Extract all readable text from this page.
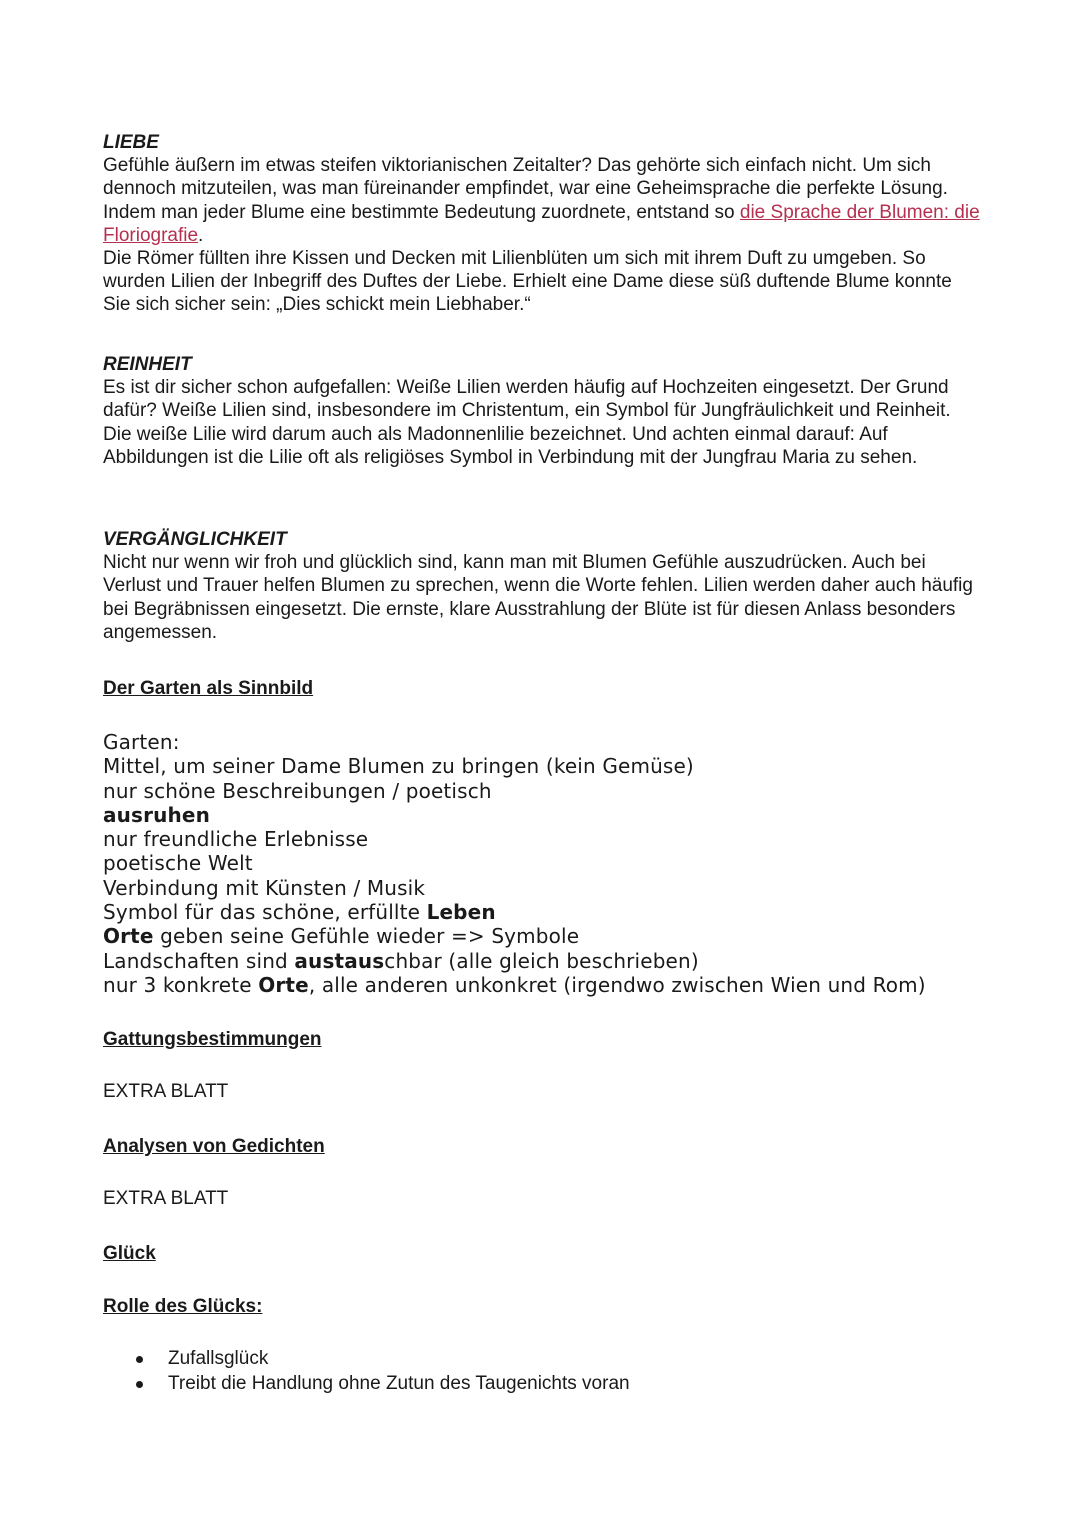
LIEBE
Gefühle äußern im etwas steifen viktorianischen Zeitalter? Das gehörte sich einfach nicht. Um sich dennoch mitzuteilen, was man füreinander empfindet, war eine Geheimsprache die perfekte Lösung. Indem man jeder Blume eine bestimmte Bedeutung zuordnete, entstand so die Sprache der Blumen: die Floriografie.
Die Römer füllten ihre Kissen und Decken mit Lilienblüten um sich mit ihrem Duft zu umgeben. So wurden Lilien der Inbegriff des Duftes der Liebe. Erhielt eine Dame diese süß duftende Blume konnte Sie sich sicher sein: „Dies schickt mein Liebhaber.“
REINHEIT
Es ist dir sicher schon aufgefallen: Weiße Lilien werden häufig auf Hochzeiten eingesetzt. Der Grund dafür? Weiße Lilien sind, insbesondere im Christentum, ein Symbol für Jungfräulichkeit und Reinheit. Die weiße Lilie wird darum auch als Madonnenlilie bezeichnet. Und achten einmal darauf: Auf Abbildungen ist die Lilie oft als religiöses Symbol in Verbindung mit der Jungfrau Maria zu sehen.
VERGÄNGLICHKEIT
Nicht nur wenn wir froh und glücklich sind, kann man mit Blumen Gefühle auszudrücken. Auch bei Verlust und Trauer helfen Blumen zu sprechen, wenn die Worte fehlen. Lilien werden daher auch häufig bei Begräbnissen eingesetzt. Die ernste, klare Ausstrahlung der Blüte ist für diesen Anlass besonders angemessen.
Der Garten als Sinnbild
Garten:
Mittel, um seiner Dame Blumen zu bringen (kein Gemüse)
nur schöne Beschreibungen / poetisch
ausruhen
nur freundliche Erlebnisse
poetische Welt
Verbindung mit Künsten / Musik
Symbol für das schöne, erfüllte Leben
Orte geben seine Gefühle wieder => Symbole
Landschaften sind austauschbar (alle gleich beschrieben)
nur 3 konkrete Orte, alle anderen unkonkret (irgendwo zwischen Wien und Rom)
Gattungsbestimmungen
EXTRA BLATT
Analysen von Gedichten
EXTRA BLATT
Glück
Rolle des Glücks:
Zufallsglück
Treibt die Handlung ohne Zutun des Taugenichts voran
